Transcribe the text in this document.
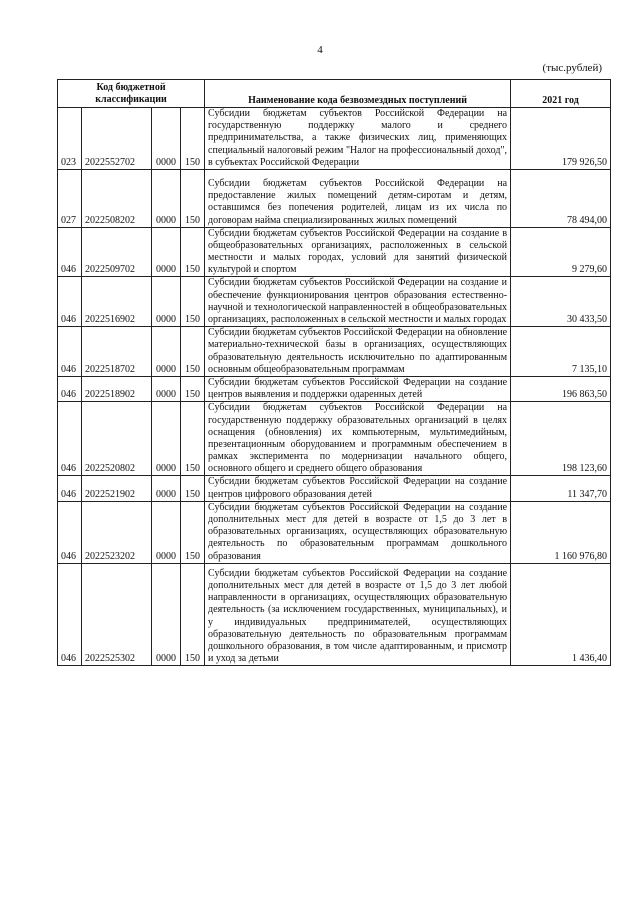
4
(тыс.рублей)
Код бюджетной классификации				Наименование кода безвозмездных поступлений	2021 год
023	2022552702	0000	150	Субсидии бюджетам субъектов Российской Федерации на государственную поддержку малого и среднего предпринимательства, а также физических лиц, применяющих специальный налоговый режим "Налог на профессиональный доход", в субъектах Российской Федерации	179 926,50
027	2022508202	0000	150	Субсидии бюджетам субъектов Российской Федерации на предоставление жилых помещений детям-сиротам и детям, оставшимся без попечения родителей, лицам из их числа по договорам найма специализированных жилых помещений	78 494,00
046	2022509702	0000	150	Субсидии бюджетам субъектов Российской Федерации на создание в общеобразовательных организациях, расположенных в сельской местности и малых городах, условий для занятий физической культурой и спортом	9 279,60
046	2022516902	0000	150	Субсидии бюджетам субъектов Российской Федерации на создание и обеспечение функционирования центров образования естественно-научной и технологической направленностей в общеобразовательных организациях, расположенных в сельской местности и малых городах	30 433,50
046	2022518702	0000	150	Субсидии бюджетам субъектов Российской Федерации на обновление материально-технической базы в организациях, осуществляющих образовательную деятельность исключительно по адаптированным основным общеобразовательным программам	7 135,10
046	2022518902	0000	150	Субсидии бюджетам субъектов Российской Федерации на создание центров выявления и поддержки одаренных детей	196 863,50
046	2022520802	0000	150	Субсидии бюджетам субъектов Российской Федерации на государственную поддержку образовательных организаций в целях оснащения (обновления) их компьютерным, мультимедийным, презентационным оборудованием и программным обеспечением в рамках эксперимента по модернизации начального общего, основного общего и среднего общего образования	198 123,60
046	2022521902	0000	150	Субсидии бюджетам субъектов Российской Федерации на создание центров цифрового образования детей	11 347,70
046	2022523202	0000	150	Субсидии бюджетам субъектов Российской Федерации на создание дополнительных мест для детей в возрасте от 1,5 до 3 лет в образовательных организациях, осуществляющих образовательную деятельность по образовательным программам дошкольного образования	1 160 976,80
046	2022525302	0000	150	Субсидии бюджетам субъектов Российской Федерации на создание дополнительных мест для детей в возрасте от 1,5 до 3 лет любой направленности в организациях, осуществляющих образовательную деятельность (за исключением государственных, муниципальных), и у индивидуальных предпринимателей, осуществляющих образовательную деятельность по образовательным программам дошкольного образования, в том числе адаптированным, и присмотр и уход за детьми	1 436,40
